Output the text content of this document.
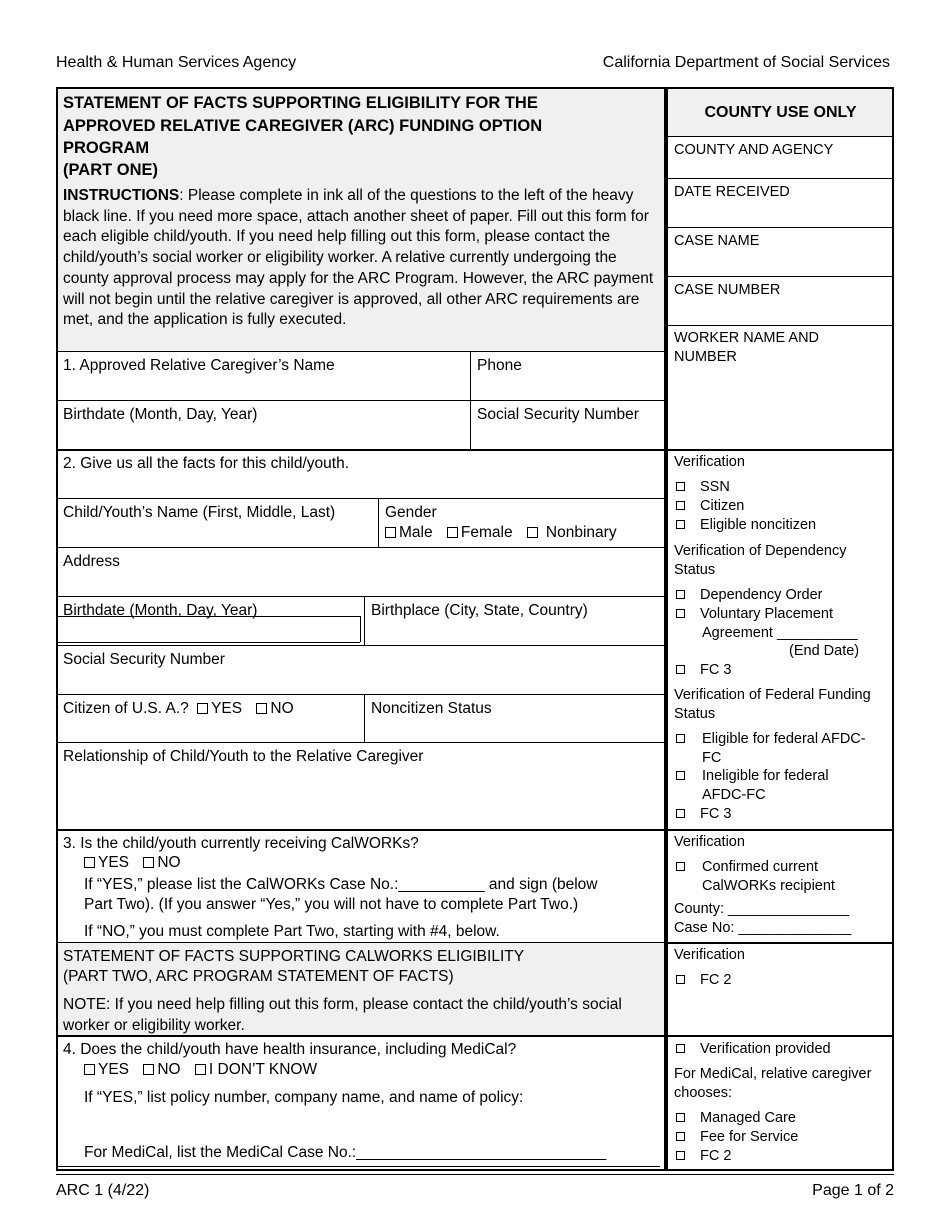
Health & Human Services Agency	California Department of Social Services
STATEMENT OF FACTS SUPPORTING ELIGIBILITY FOR THE APPROVED RELATIVE CAREGIVER (ARC) FUNDING OPTION PROGRAM
(PART ONE)
INSTRUCTIONS: Please complete in ink all of the questions to the left of the heavy black line. If you need more space, attach another sheet of paper. Fill out this form for each eligible child/youth. If you need help filling out this form, please contact the child/youth’s social worker or eligibility worker. A relative currently undergoing the county approval process may apply for the ARC Program. However, the ARC payment will not begin until the relative caregiver is approved, all other ARC requirements are met, and the application is fully executed.
1. Approved Relative Caregiver’s Name	Phone
Birthdate (Month, Day, Year)	Social Security Number
2. Give us all the facts for this child/youth.
Child/Youth’s Name (First, Middle, Last)	Gender
Male Female Nonbinary
Address
Birthdate (Month, Day, Year)	Birthplace (City, State, Country)
Social Security Number
Citizen of U.S. A.? YES NO	Noncitizen Status
Relationship of Child/Youth to the Relative Caregiver
3. Is the child/youth currently receiving CalWORKs?
YES NO
If “YES,” please list the CalWORKs Case No.:__________ and sign (below
Part Two). (If you answer “Yes,” you will not have to complete Part Two.)
If “NO,” you must complete Part Two, starting with #4, below.
STATEMENT OF FACTS SUPPORTING CALWORKS ELIGIBILITY
(PART TWO, ARC PROGRAM STATEMENT OF FACTS)
NOTE: If you need help filling out this form, please contact the child/youth’s social worker or eligibility worker.
4. Does the child/youth have health insurance, including MediCal?
YES NO I DON’T KNOW
If “YES,” list policy number, company name, and name of policy:
For MediCal, list the MediCal Case No.:_____________________________
COUNTY USE ONLY
COUNTY AND AGENCY
DATE RECEIVED
CASE NAME
CASE NUMBER
WORKER NAME AND NUMBER
Verification
SSN
Citizen
Eligible noncitizen
Verification of Dependency Status
Dependency Order
Voluntary Placement
Agreement __________
(End Date)
FC 3
Verification of Federal Funding Status
Eligible for federal AFDC-FC
Ineligible for federal AFDC-FC
FC 3
Verification
Confirmed current CalWORKs recipient
County: _______________
Case No: ______________
Verification
FC 2
Verification provided
For MediCal, relative caregiver chooses:
Managed Care
Fee for Service
FC 2
ARC 1 (4/22)	Page 1 of 2
